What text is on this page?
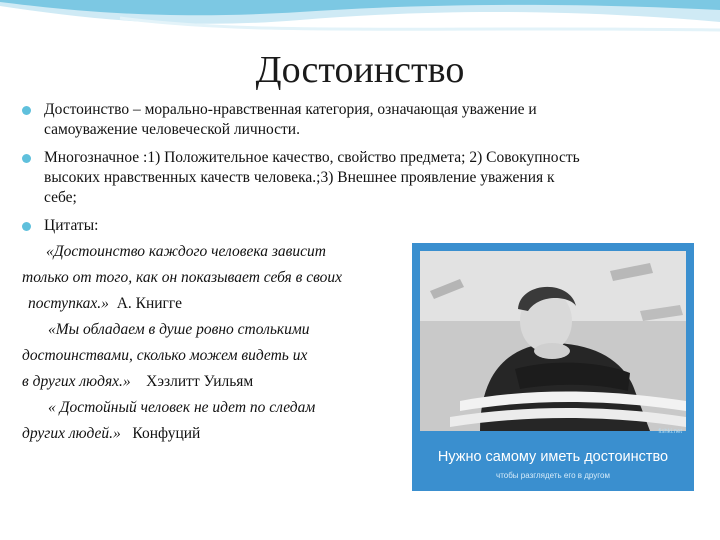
Достоинство
Достоинство – морально-нравственная категория, означающая уважение и
самоуважение человеческой личности.
Многозначное :1) Положительное качество, свойство предмета; 2) Совокупность
высоких нравственных качеств человека.;3) Внешнее проявление уважения к
себе;
Цитаты:
«Достоинство каждого человека зависит
только от того, как он показывает себя в своих
поступках.» А. Книгге
«Мы обладаем в душе ровно столькими
достоинствами, сколько можем видеть их
в других людях.» Хэзлитт Уильям
« Достойный человек не идет по следам
других людей.» Конфуций	fishki.net
Нужно самому иметь достоинство
чтобы разглядеть его в другом
